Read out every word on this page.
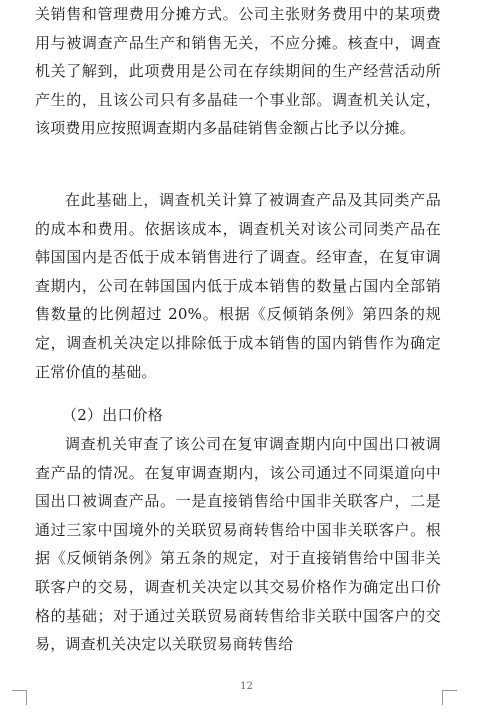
关销售和管理费用分摊方式。公司主张财务费用中的某项费用与被调查产品生产和销售无关，不应分摊。核查中，调查机关了解到，此项费用是公司在存续期间的生产经营活动所产生的，且该公司只有多晶硅一个事业部。调查机关认定，该项费用应按照调查期内多晶硅销售金额占比予以分摊。
在此基础上，调查机关计算了被调查产品及其同类产品的成本和费用。依据该成本，调查机关对该公司同类产品在韩国国内是否低于成本销售进行了调查。经审查，在复审调查期内，公司在韩国国内低于成本销售的数量占国内全部销售数量的比例超过 20%。根据《反倾销条例》第四条的规定，调查机关决定以排除低于成本销售的国内销售作为确定正常价值的基础。
（2）出口价格
调查机关审查了该公司在复审调查期内向中国出口被调查产品的情况。在复审调查期内，该公司通过不同渠道向中国出口被调查产品。一是直接销售给中国非关联客户，二是通过三家中国境外的关联贸易商转售给中国非关联客户。根据《反倾销条例》第五条的规定，对于直接销售给中国非关联客户的交易，调查机关决定以其交易价格作为确定出口价格的基础；对于通过关联贸易商转售给非关联中国客户的交易，调查机关决定以关联贸易商转售给
12
